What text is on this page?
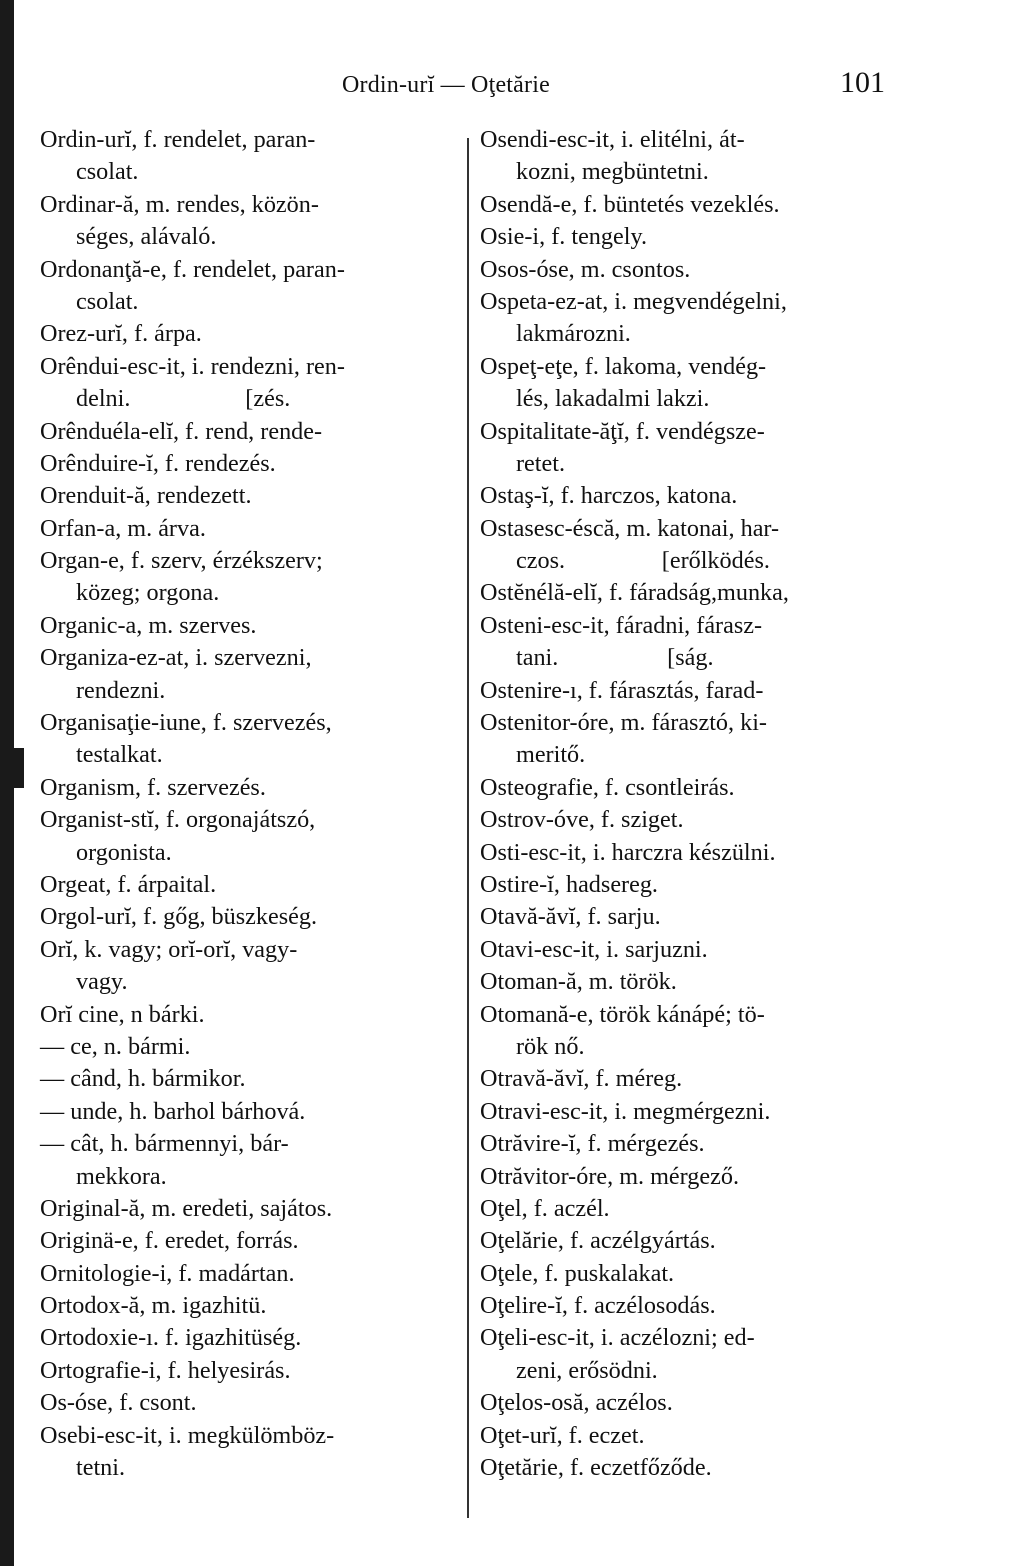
Ordin-urĭ — Oţetărie	101
Ordin-urĭ, f. rendelet, paran-
csolat.
Ordinar-ă, m. rendes, közön-
séges, alávaló.
Ordonanţă-e, f. rendelet, paran-
csolat.
Orez-urĭ, f. árpa.
Orêndui-esc-it, i. rendezni, ren-
delni.                   [zés.
Orênduéla-elĭ, f. rend, rende-
Orênduire-ĭ, f. rendezés.
Orenduit-ă, rendezett.
Orfan-a, m. árva.
Organ-e, f. szerv, érzékszerv;
közeg; orgona.
Organic-a, m. szerves.
Organiza-ez-at, i. szervezni,
rendezni.
Organisaţie-iune, f. szervezés,
testalkat.
Organism, f. szervezés.
Organist-stĭ, f. orgonajátszó,
orgonista.
Orgeat, f. árpaital.
Orgol-urĭ, f. gőg, büszkeség.
Orĭ, k. vagy; orĭ-orĭ, vagy-
vagy.
Orĭ cine, n bárki.
— ce, n. bármi.
— când, h. bármikor.
— unde, h. barhol bárhová.
— cât, h. bármennyi, bár-
mekkora.
Original-ă, m. eredeti, sajátos.
Originä-e, f. eredet, forrás.
Ornitologie-i, f. madártan.
Ortodox-ă, m. igazhitü.
Ortodoxie-ı. f. igazhitüség.
Ortografie-i, f. helyesirás.
Os-óse, f. csont.
Osebi-esc-it, i. megkülömböz-
tetni.
Osendi-esc-it, i. elitélni, át-
kozni, megbüntetni.
Osendă-e, f. büntetés vezeklés.
Osie-i, f. tengely.
Osos-óse, m. csontos.
Ospeta-ez-at, i. megvendégelni,
lakmározni.
Ospeţ-eţe, f. lakoma, vendég-
lés, lakadalmi lakzi.
Ospitalitate-ăţĭ, f. vendégsze-
retet.
Ostaş-ĭ, f. harczos, katona.
Ostasesc-éscă, m. katonai, har-
czos.                [erőlködés.
Ostĕnélă-elĭ, f. fáradság,munka,
Osteni-esc-it, fáradni, fárasz-
tani.                  [ság.
Ostenire-ı, f. fárasztás, farad-
Ostenitor-óre, m. fárasztó, ki-
meritő.
Osteografie, f. csontleirás.
Ostrov-óve, f. sziget.
Osti-esc-it, i. harczra készülni.
Ostire-ĭ, hadsereg.
Otavă-ăvĭ, f. sarju.
Otavi-esc-it, i. sarjuzni.
Otoman-ă, m. török.
Otomană-e, török kánápé; tö-
rök nő.
Otravă-ăvĭ, f. méreg.
Otravi-esc-it, i. megmérgezni.
Otrăvire-ĭ, f. mérgezés.
Otrăvitor-óre, m. mérgező.
Oţel, f. aczél.
Oţelărie, f. aczélgyártás.
Oţele, f. puskalakat.
Oţelire-ĭ, f. aczélosodás.
Oţeli-esc-it, i. aczélozni; ed-
zeni, erősödni.
Oţelos-osă, aczélos.
Oţet-urĭ, f. eczet.
Oţetărie, f. eczetfőződe.
